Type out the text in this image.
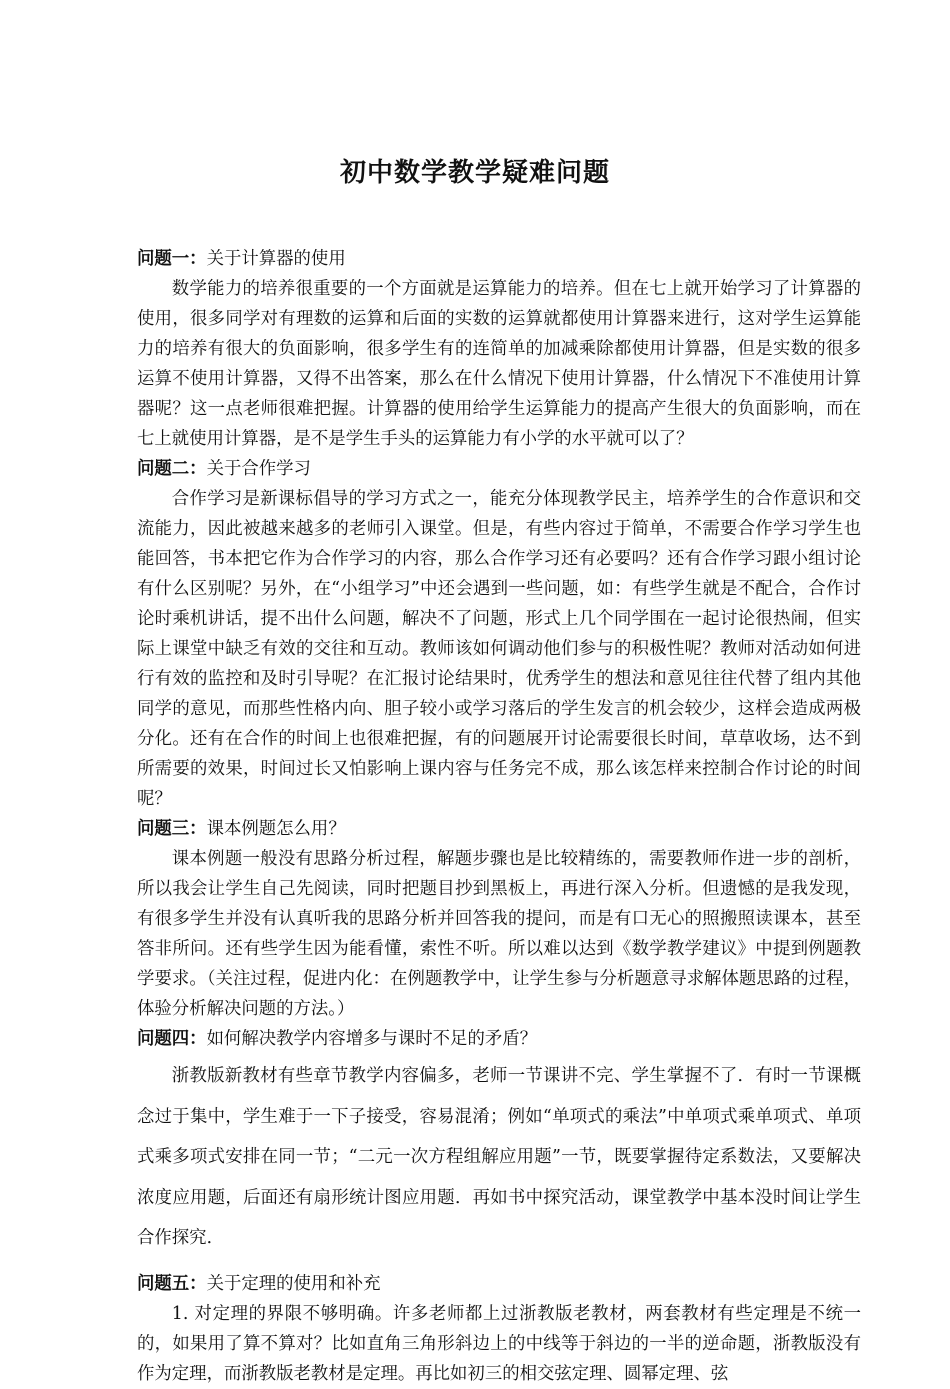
初中数学教学疑难问题

问题一：关于计算器的使用

数学能力的培养很重要的一个方面就是运算能力的培养。但在七上就开始学习了计算器的使用，很多同学对有理数的运算和后面的实数的运算就都使用计算器来进行，这对学生运算能力的培养有很大的负面影响，很多学生有的连简单的加减乘除都使用计算器，但是实数的很多运算不使用计算器，又得不出答案，那么在什么情况下使用计算器，什么情况下不准使用计算器呢？这一点老师很难把握。计算器的使用给学生运算能力的提高产生很大的负面影响，而在七上就使用计算器，是不是学生手头的运算能力有小学的水平就可以了？

问题二：关于合作学习

合作学习是新课标倡导的学习方式之一，能充分体现教学民主，培养学生的合作意识和交流能力，因此被越来越多的老师引入课堂。但是，有些内容过于简单，不需要合作学习学生也能回答，书本把它作为合作学习的内容，那么合作学习还有必要吗？还有合作学习跟小组讨论有什么区别呢？另外，在“小组学习”中还会遇到一些问题，如：有些学生就是不配合，合作讨论时乘机讲话，提不出什么问题，解决不了问题，形式上几个同学围在一起讨论很热闹，但实际上课堂中缺乏有效的交往和互动。教师该如何调动他们参与的积极性呢？教师对活动如何进行有效的监控和及时引导呢？在汇报讨论结果时，优秀学生的想法和意见往往代替了组内其他同学的意见，而那些性格内向、胆子较小或学习落后的学生发言的机会较少，这样会造成两极分化。还有在合作的时间上也很难把握，有的问题展开讨论需要很长时间，草草收场，达不到所需要的效果，时间过长又怕影响上课内容与任务完不成，那么该怎样来控制合作讨论的时间呢？

问题三：课本例题怎么用？

课本例题一般没有思路分析过程，解题步骤也是比较精练的，需要教师作进一步的剖析，所以我会让学生自己先阅读，同时把题目抄到黑板上，再进行深入分析。但遗憾的是我发现，有很多学生并没有认真听我的思路分析并回答我的提问，而是有口无心的照搬照读课本，甚至答非所问。还有些学生因为能看懂，索性不听。所以难以达到《数学教学建议》中提到例题教学要求。（关注过程，促进内化：在例题教学中，让学生参与分析题意寻求解体题思路的过程，体验分析解决问题的方法。）

问题四：如何解决教学内容增多与课时不足的矛盾？

浙教版新教材有些章节教学内容偏多，老师一节课讲不完、学生掌握不了．有时一节课概念过于集中，学生难于一下子接受，容易混淆；例如“单项式的乘法”中单项式乘单项式、单项式乘多项式安排在同一节；“二元一次方程组解应用题”一节，既要掌握待定系数法，又要解决浓度应用题，后面还有扇形统计图应用题．再如书中探究活动，课堂教学中基本没时间让学生合作探究．

问题五：关于定理的使用和补充

1. 对定理的界限不够明确。许多老师都上过浙教版老教材，两套教材有些定理是不统一的，如果用了算不算对？比如直角三角形斜边上的中线等于斜边的一半的逆命题，浙教版没有作为定理，而浙教版老教材是定理。再比如初三的相交弦定理、圆幂定理、弦
